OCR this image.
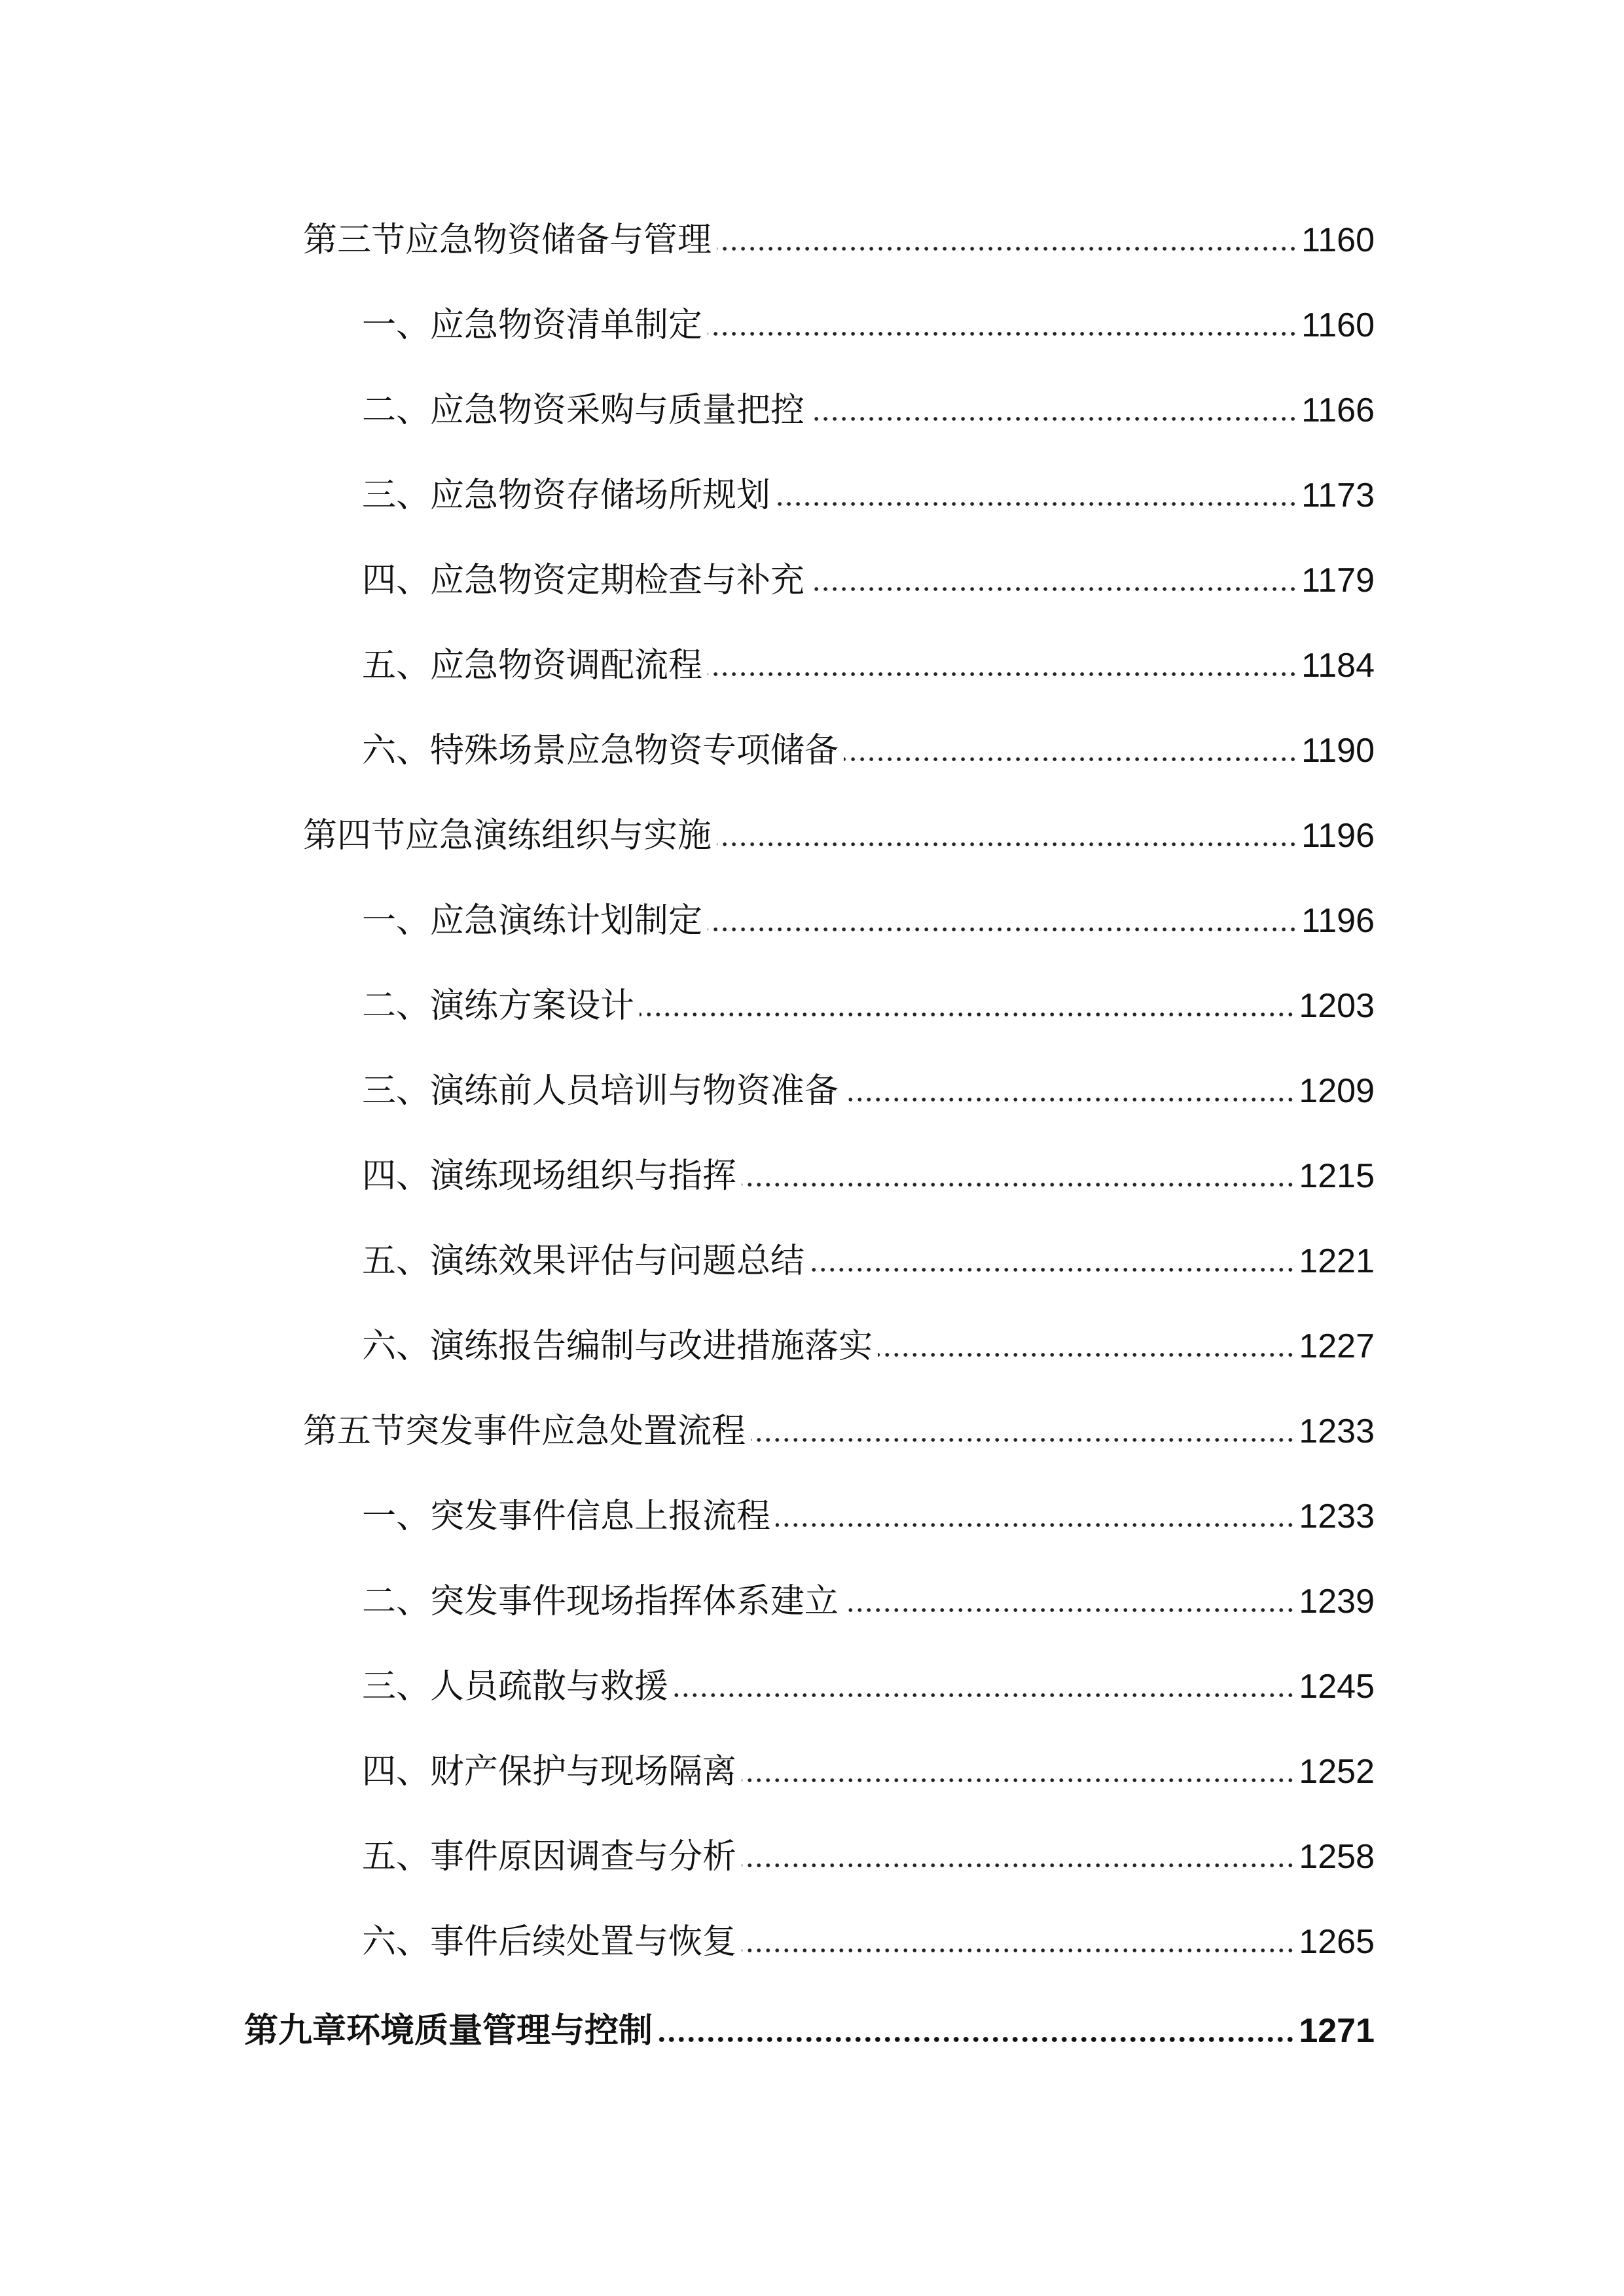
第三节应急物资储备与管理	1160
一、应急物资清单制定	1160
二、应急物资采购与质量把控	1166
三、应急物资存储场所规划	1173
四、应急物资定期检查与补充	1179
五、应急物资调配流程	1184
六、特殊场景应急物资专项储备	1190
第四节应急演练组织与实施	1196
一、应急演练计划制定	1196
二、演练方案设计	1203
三、演练前人员培训与物资准备	1209
四、演练现场组织与指挥	1215
五、演练效果评估与问题总结	1221
六、演练报告编制与改进措施落实	1227
第五节突发事件应急处置流程	1233
一、突发事件信息上报流程	1233
二、突发事件现场指挥体系建立	1239
三、人员疏散与救援	1245
四、财产保护与现场隔离	1252
五、事件原因调查与分析	1258
六、事件后续处置与恢复	1265
第九章环境质量管理与控制	1271
